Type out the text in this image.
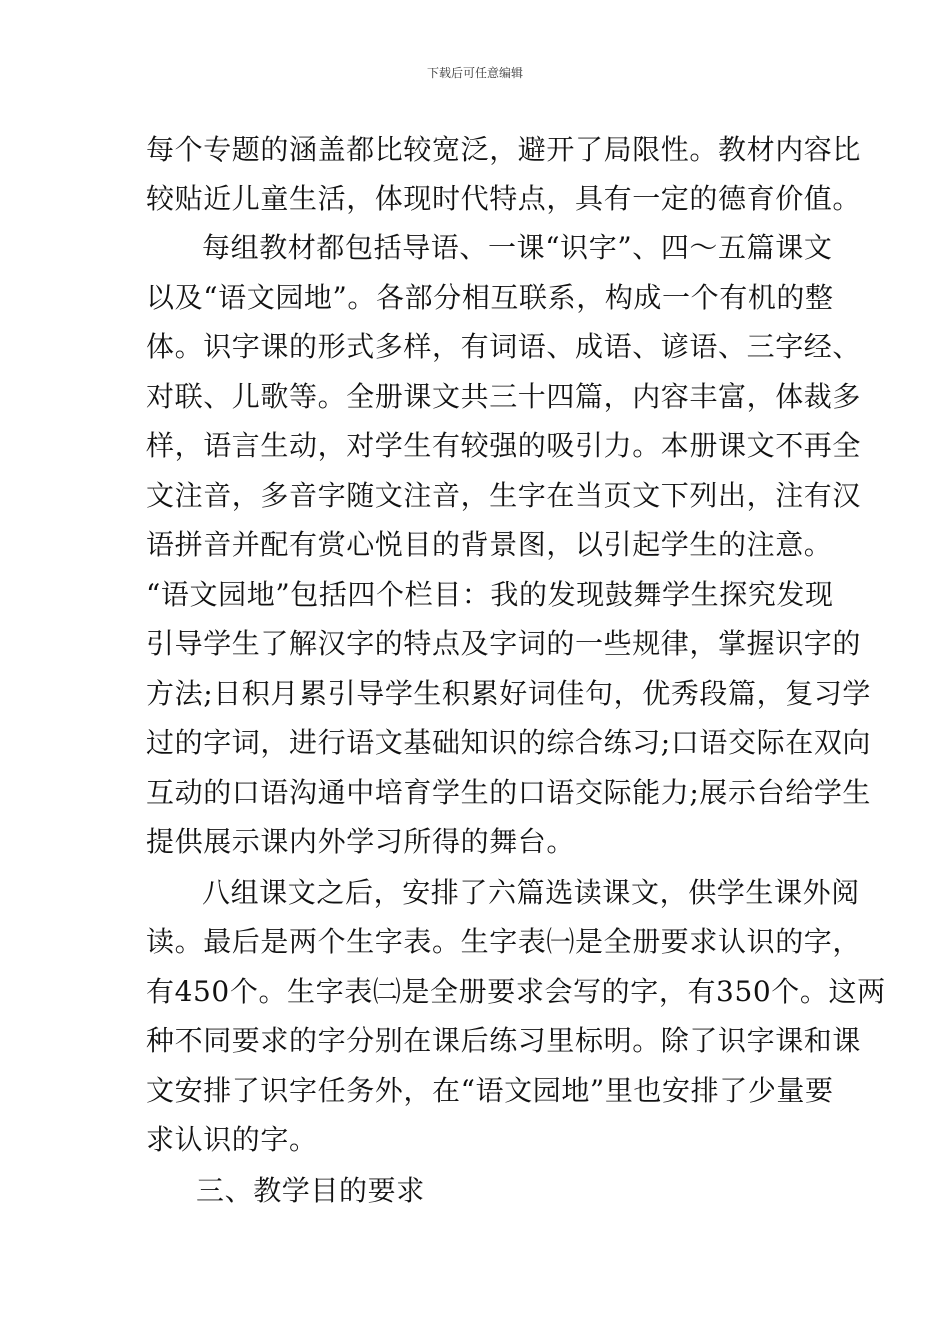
下载后可任意编辑
每个专题的涵盖都比较宽泛，避开了局限性。教材内容比
较贴近儿童生活，体现时代特点，具有一定的德育价值。
每组教材都包括导语、一课“识字”、四～五篇课文
以及“语文园地”。各部分相互联系，构成一个有机的整
体。识字课的形式多样，有词语、成语、谚语、三字经、
对联、儿歌等。全册课文共三十四篇，内容丰富，体裁多
样，语言生动，对学生有较强的吸引力。本册课文不再全
文注音，多音字随文注音，生字在当页文下列出，注有汉
语拼音并配有赏心悦目的背景图，以引起学生的注意。
“语文园地”包括四个栏目：我的发现鼓舞学生探究发现
引导学生了解汉字的特点及字词的一些规律，掌握识字的
方法;日积月累引导学生积累好词佳句，优秀段篇，复习学
过的字词，进行语文基础知识的综合练习;口语交际在双向
互动的口语沟通中培育学生的口语交际能力;展示台给学生
提供展示课内外学习所得的舞台。
八组课文之后，安排了六篇选读课文，供学生课外阅
读。最后是两个生字表。生字表㈠是全册要求认识的字，
有450个。生字表㈡是全册要求会写的字，有350个。这两
种不同要求的字分别在课后练习里标明。除了识字课和课
文安排了识字任务外，在“语文园地”里也安排了少量要
求认识的字。
三、教学目的要求
